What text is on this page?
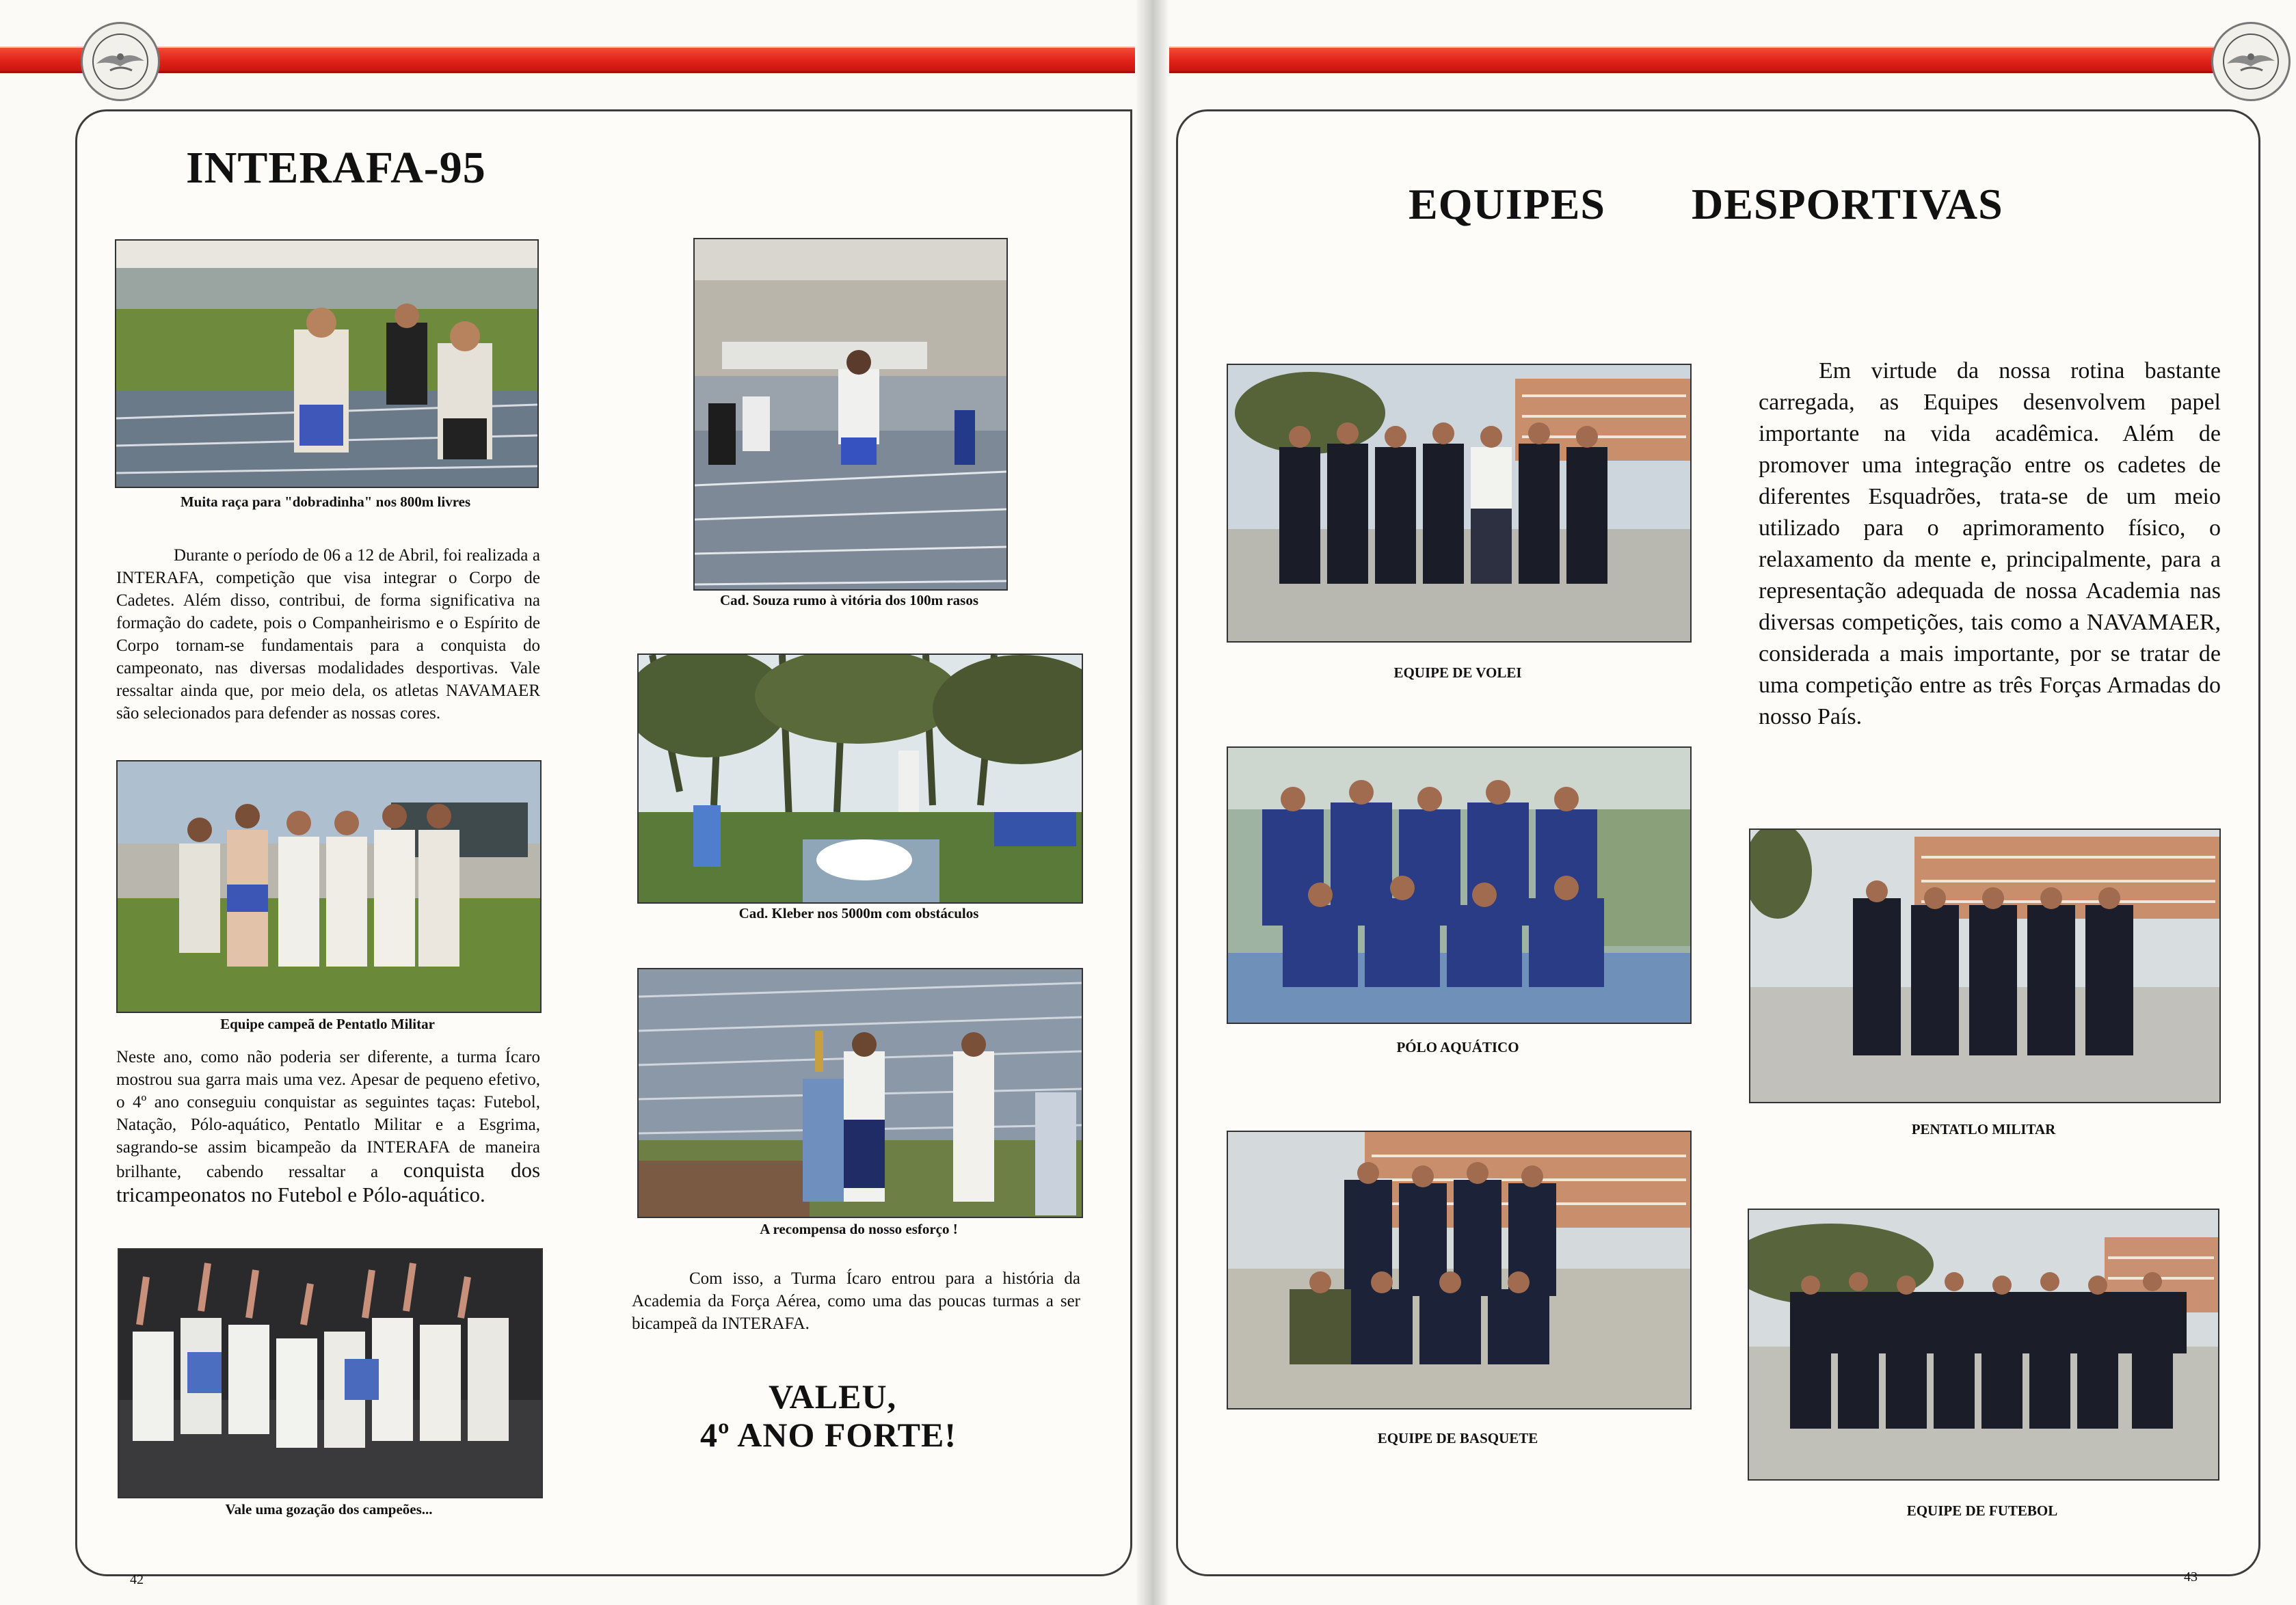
INTERAFA-95
Muita raça para "dobradinha" nos 800m livres
Cad. Souza rumo à vitória dos 100m rasos

Durante o período de 06 a 12 de Abril, foi realizada a INTERAFA, competição que visa integrar o Corpo de Cadetes. Além disso, contribui, de forma significativa na formação do cadete, pois o Companheirismo e o Espírito de Corpo tornam-se fundamentais para a conquista do campeonato, nas diversas modalidades desportivas. Vale ressaltar ainda que, por meio dela, os atletas NAVAMAER são selecionados para defender as nossas cores.

Cad. Kleber nos 5000m com obstáculos
Equipe campeã de Pentatlo Militar
A recompensa do nosso esforço !

Neste ano, como não poderia ser diferente, a turma Ícaro mostrou sua garra mais uma vez. Apesar de pequeno efetivo, o 4º ano conseguiu conquistar as seguintes taças: Futebol, Natação, Pólo-aquático, Pentatlo Militar e a Esgrima, sagrando-se assim bicampeão da INTERAFA de maneira brilhante, cabendo ressaltar a conquista dos tricampeonatos no Futebol e Pólo-aquático.

Com isso, a Turma Ícaro entrou para a história da Academia da Força Aérea, como uma das poucas turmas a ser bicampeã da INTERAFA.

VALEU,
4º ANO FORTE!
Vale uma gozação dos campeões...
42
EQUIPES DESPORTIVAS
EQUIPE DE VOLEI

Em virtude da nossa rotina bastante carregada, as Equipes desenvolvem papel importante na vida acadêmica. Além de promover uma integração entre os cadetes de diferentes Esquadrões, trata-se de um meio utilizado para o aprimoramento físico, o relaxamento da mente e, principalmente, para a representação adequada de nossa Academia nas diversas competições, tais como a NAVAMAER, considerada a mais importante, por se tratar de uma competição entre as três Forças Armadas do nosso País.

PÓLO AQUÁTICO
PENTATLO MILITAR
EQUIPE DE BASQUETE
EQUIPE DE FUTEBOL
43
